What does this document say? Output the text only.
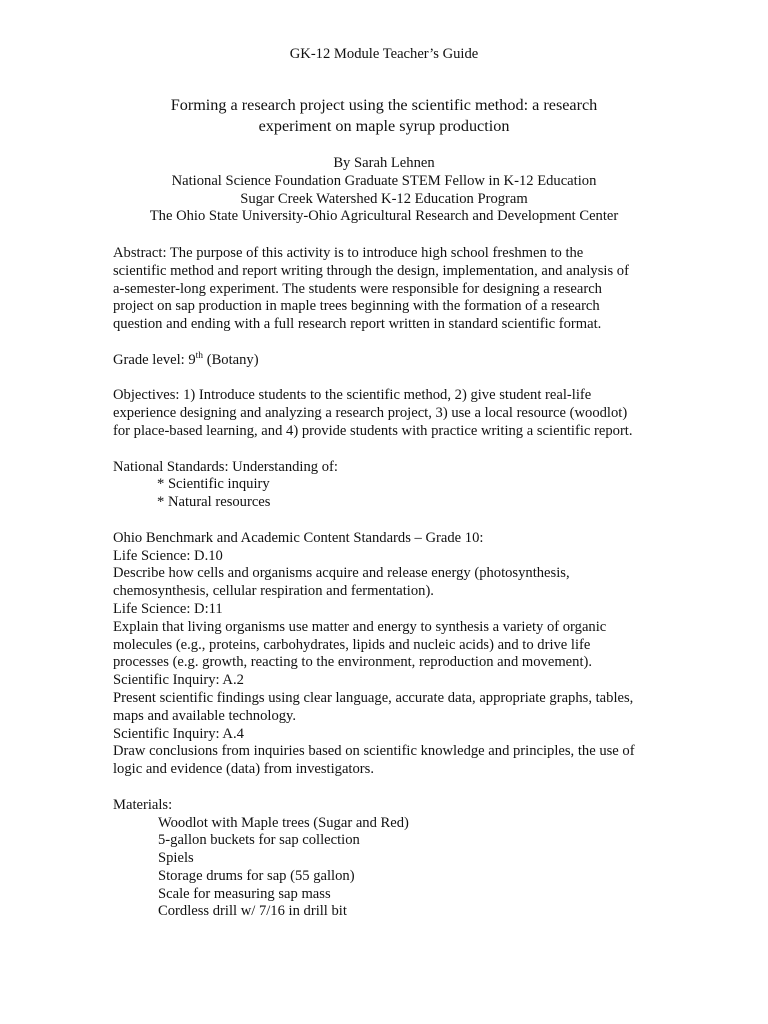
GK-12 Module Teacher’s Guide
Forming a research project using the scientific method: a research
experiment on maple syrup production
By Sarah Lehnen
National Science Foundation Graduate STEM Fellow in K-12 Education
Sugar Creek Watershed K-12 Education Program
The Ohio State University-Ohio Agricultural Research and Development Center
Abstract: The purpose of this activity is to introduce high school freshmen to the
scientific method and report writing through the design, implementation, and analysis of
a-semester-long experiment. The students were responsible for designing a research
project on sap production in maple trees beginning with the formation of a research
question and ending with a full research report written in standard scientific format.
Grade level: 9th (Botany)
Objectives: 1) Introduce students to the scientific method, 2) give student real-life
experience designing and analyzing a research project, 3) use a local resource (woodlot)
for place-based learning, and 4) provide students with practice writing a scientific report.
National Standards: Understanding of:
* Scientific inquiry
* Natural resources
Ohio Benchmark and Academic Content Standards – Grade 10:
Life Science: D.10
Describe how cells and organisms acquire and release energy (photosynthesis,
chemosynthesis, cellular respiration and fermentation).
Life Science: D:11
Explain that living organisms use matter and energy to synthesis a variety of organic
molecules (e.g., proteins, carbohydrates, lipids and nucleic acids) and to drive life
processes (e.g. growth, reacting to the environment, reproduction and movement).
Scientific Inquiry: A.2
Present scientific findings using clear language, accurate data, appropriate graphs, tables,
maps and available technology.
Scientific Inquiry: A.4
Draw conclusions from inquiries based on scientific knowledge and principles, the use of
logic and evidence (data) from investigators.
Materials:
Woodlot with Maple trees (Sugar and Red)
5-gallon buckets for sap collection
Spiels
Storage drums for sap (55 gallon)
Scale for measuring sap mass
Cordless drill w/ 7/16 in drill bit
